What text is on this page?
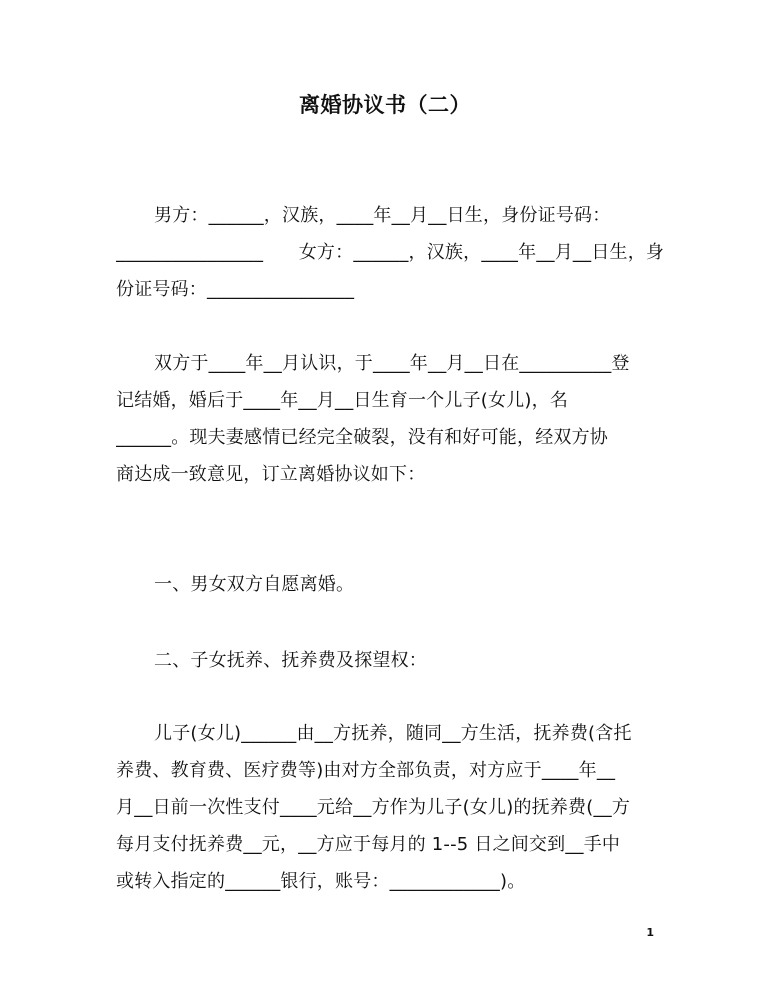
离婚协议书（二）
男方：______，汉族，____年__月__日生，身份证号码：
________________      女方：______，汉族，____年__月__日生，身
份证号码：________________
双方于____年__月认识，于____年__月__日在__________登
记结婚，婚后于____年__月__日生育一个儿子(女儿)，名
______。现夫妻感情已经完全破裂，没有和好可能，经双方协
商达成一致意见，订立离婚协议如下：
一、男女双方自愿离婚。
二、子女抚养、抚养费及探望权：
儿子(女儿)______由__方抚养，随同__方生活，抚养费(含托
养费、教育费、医疗费等)由对方全部负责，对方应于____年__
月__日前一次性支付____元给__方作为儿子(女儿)的抚养费(__方
每月支付抚养费__元，__方应于每月的 1--5 日之间交到__手中
或转入指定的______银行，账号：____________)。
1
